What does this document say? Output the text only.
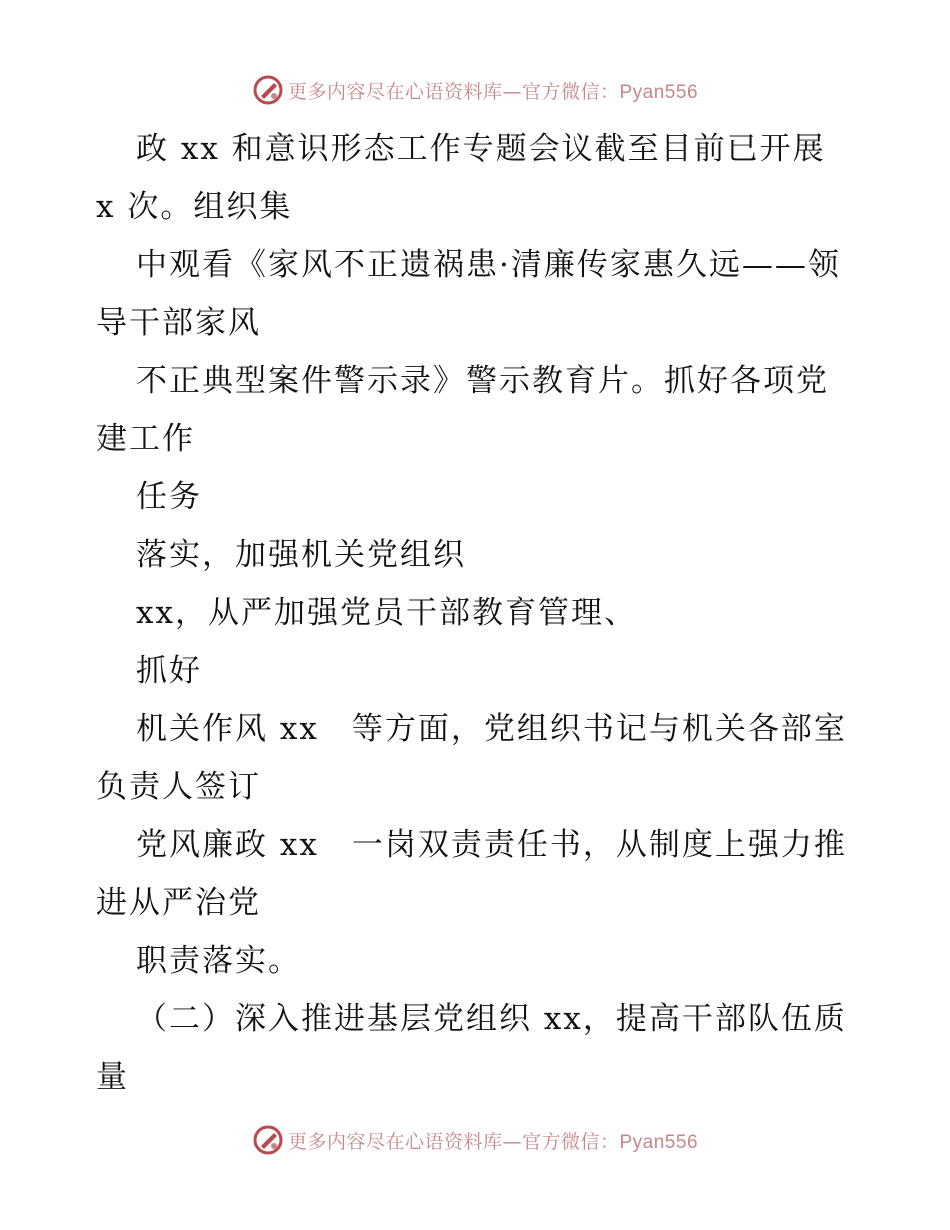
更多内容尽在心语资料库—官方微信：Pyan556

政 xx 和意识形态工作专题会议截至目前已开展 x 次。组织集

中观看《家风不正遗祸患·清廉传家惠久远——领导干部家风

不正典型案件警示录》警示教育片。抓好各项党建工作

任务

落实，加强机关党组织

xx，从严加强党员干部教育管理、

抓好

机关作风 xx　等方面，党组织书记与机关各部室负责人签订

党风廉政 xx　一岗双责责任书，从制度上强力推进从严治党

职责落实。

（二）深入推进基层党组织 xx，提高干部队伍质量

更多内容尽在心语资料库—官方微信：Pyan556
